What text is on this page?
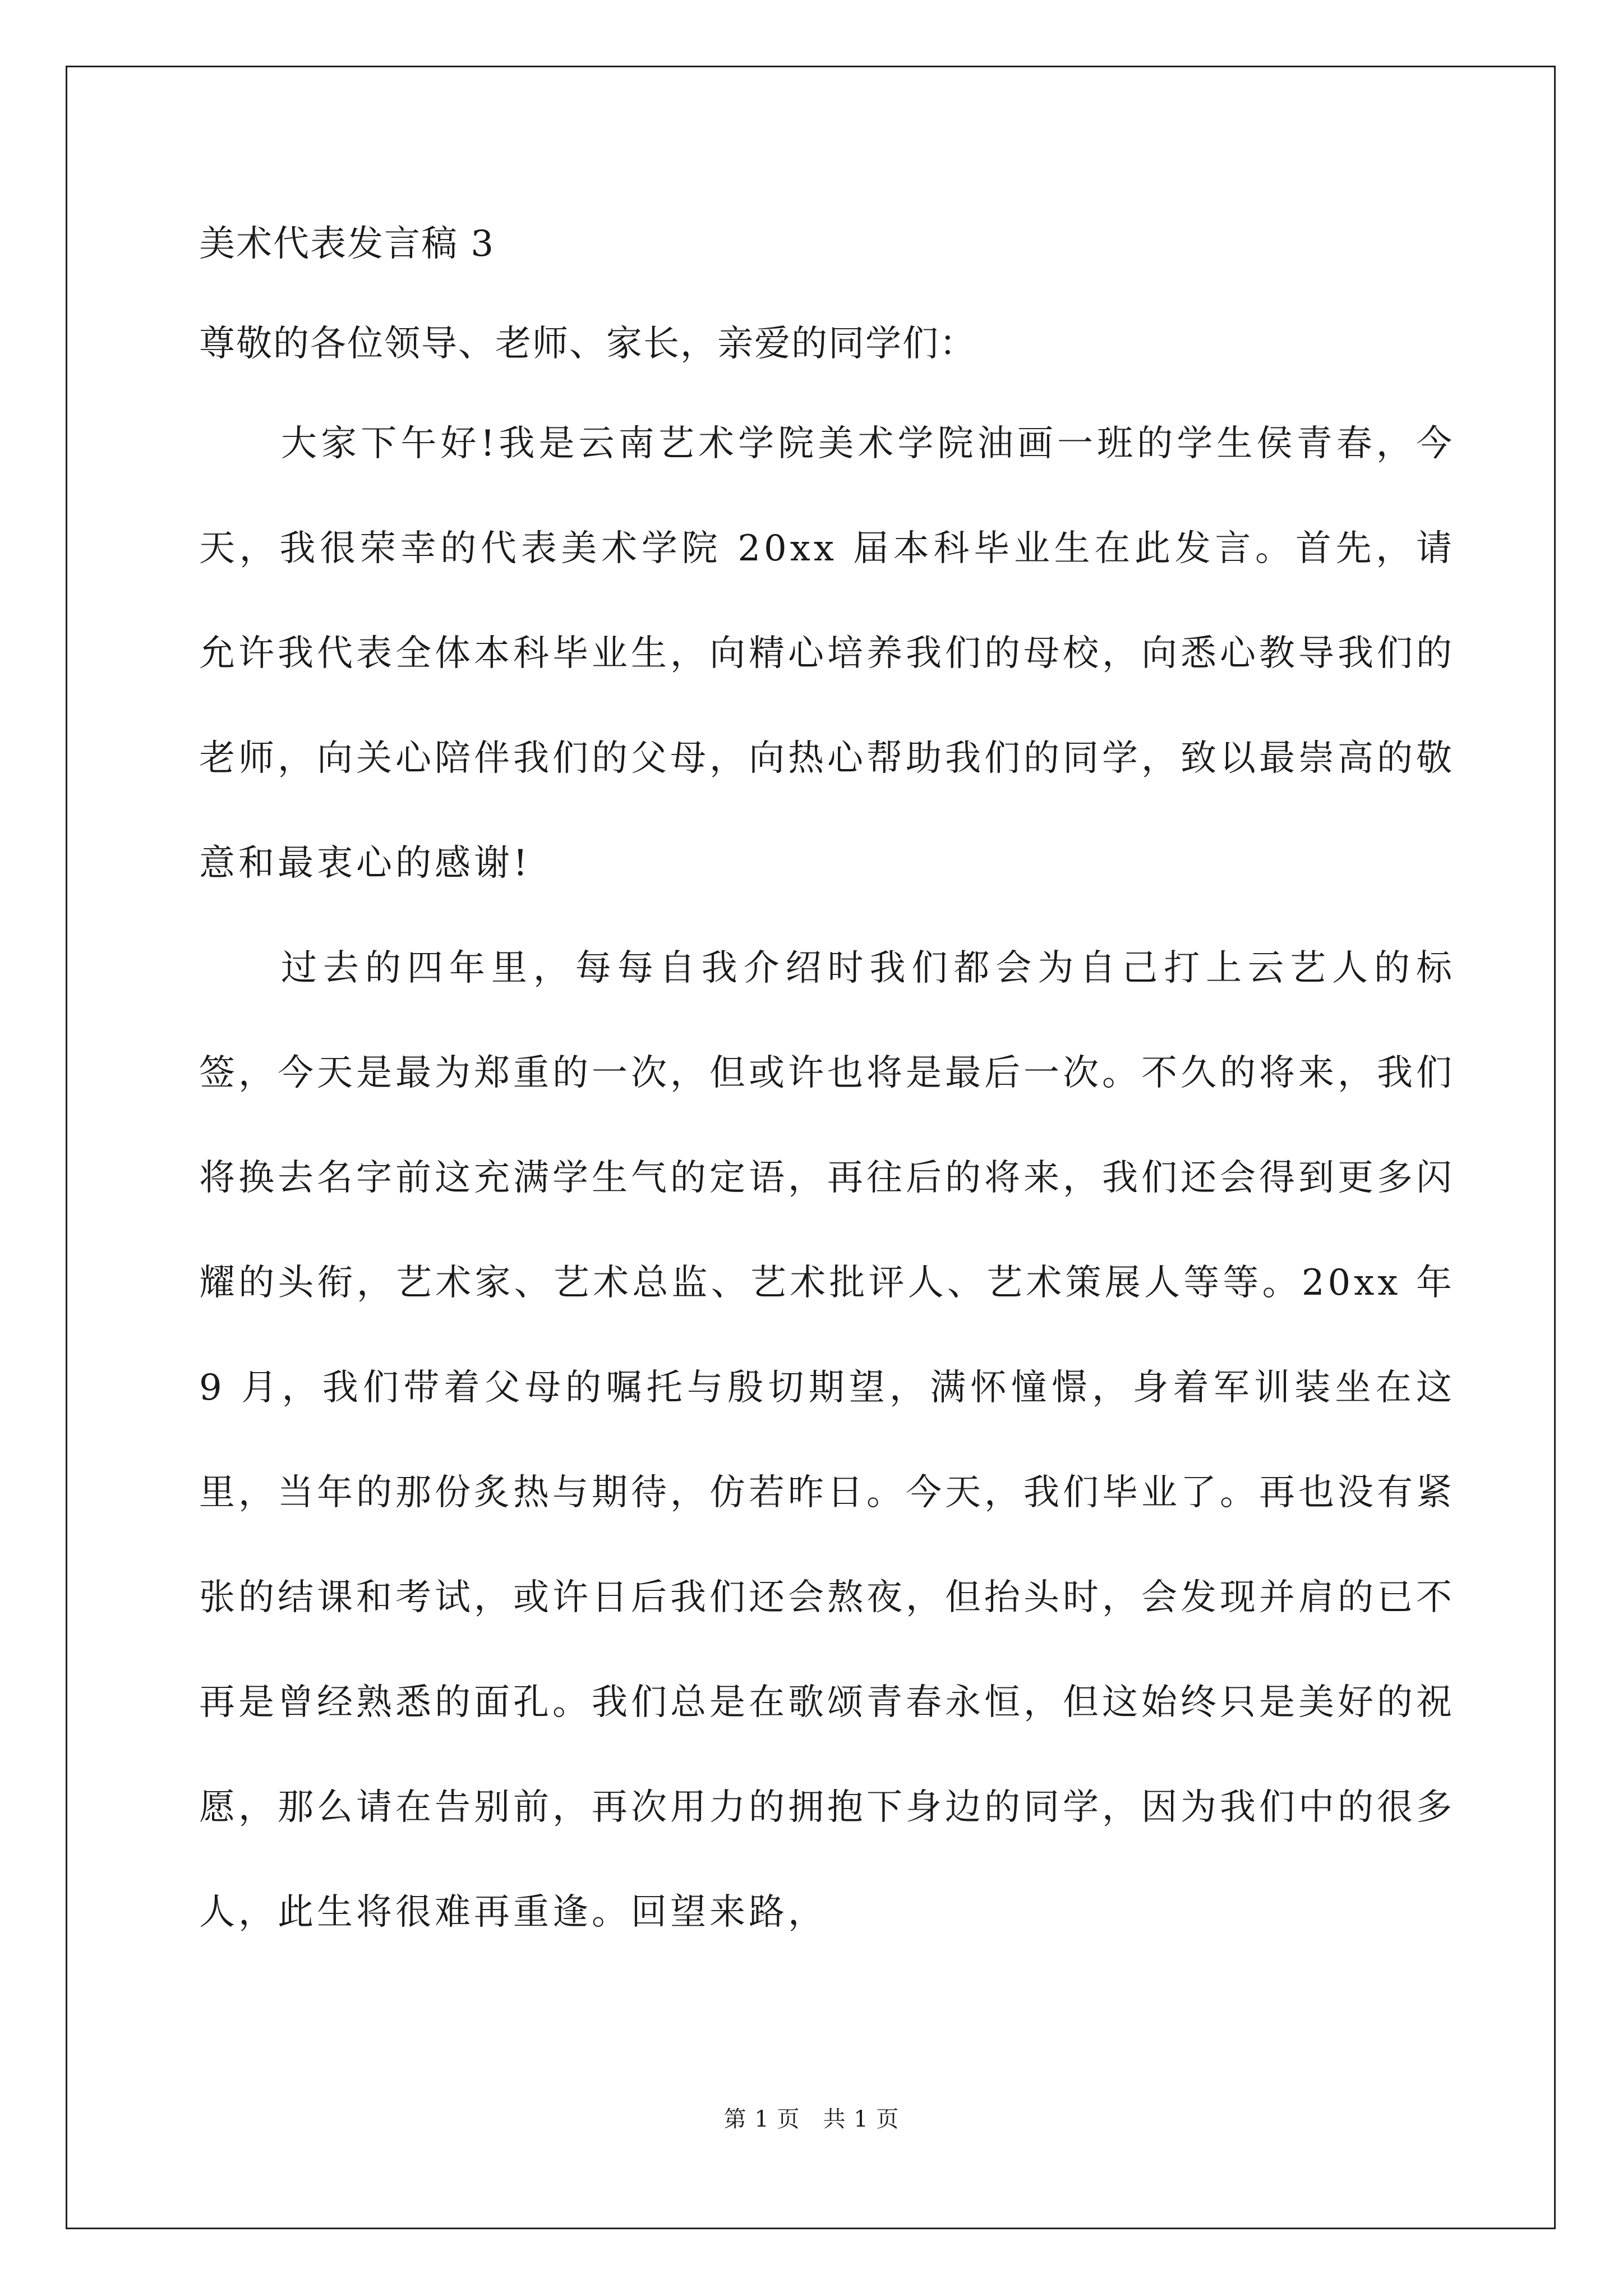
美术代表发言稿 3
尊敬的各位领导、老师、家长，亲爱的同学们：
大家下午好!我是云南艺术学院美术学院油画一班的学生侯青春，今天，我很荣幸的代表美术学院 20xx 届本科毕业生在此发言。首先，请允许我代表全体本科毕业生，向精心培养我们的母校，向悉心教导我们的老师，向关心陪伴我们的父母，向热心帮助我们的同学，致以最崇高的敬意和最衷心的感谢!
过去的四年里，每每自我介绍时我们都会为自己打上云艺人的标签，今天是最为郑重的一次，但或许也将是最后一次。不久的将来，我们将换去名字前这充满学生气的定语，再往后的将来，我们还会得到更多闪耀的头衔，艺术家、艺术总监、艺术批评人、艺术策展人等等。20xx 年 9 月，我们带着父母的嘱托与殷切期望，满怀憧憬，身着军训装坐在这里，当年的那份炙热与期待，仿若昨日。今天，我们毕业了。再也没有紧张的结课和考试，或许日后我们还会熬夜，但抬头时，会发现并肩的已不再是曾经熟悉的面孔。我们总是在歌颂青春永恒，但这始终只是美好的祝愿，那么请在告别前，再次用力的拥抱下身边的同学，因为我们中的很多人，此生将很难再重逢。回望来路，
第 1 页　共 1 页
